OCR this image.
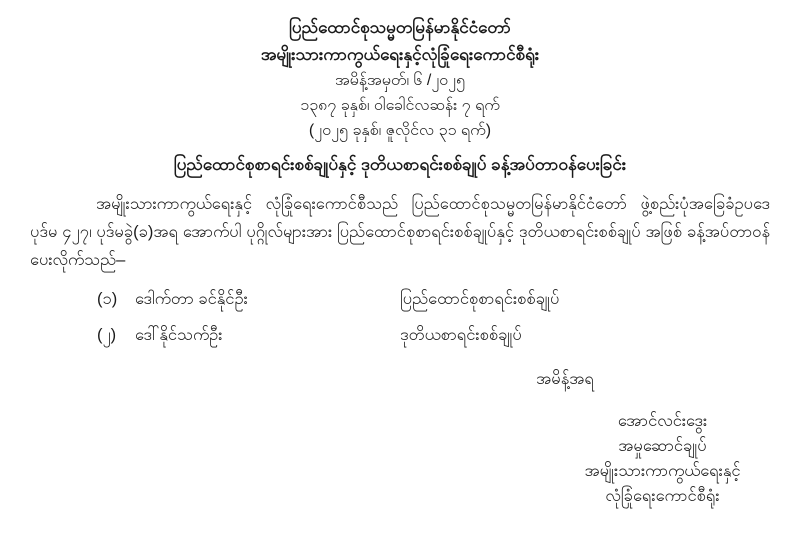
ပြည်ထောင်စုသမ္မတမြန်မာနိုင်ငံတော်
အမျိုးသားကာကွယ်ရေးနှင့်လုံခြုံရေးကောင်စီရုံး
အမိန့်အမှတ်၊ ၆ /၂၀၂၅
၁၃၈၇ ခုနှစ်၊ ဝါခေါင်လဆန်း ၇ ရက်
(၂၀၂၅ ခုနှစ်၊ ဇူလိုင်လ ၃၁ ရက်)
ပြည်ထောင်စုစာရင်းစစ်ချုပ်နှင့် ဒုတိယစာရင်းစစ်ချုပ် ခန့်အပ်တာဝန်ပေးခြင်း

အမျိုးသားကာကွယ်ရေးနှင့် လုံခြုံရေးကောင်စီသည် ပြည်ထောင်စုသမ္မတမြန်မာနိုင်ငံတော် ဖွဲ့စည်းပုံအခြေခံဥပဒေပုဒ်မ ၄၂၇၊ ပုဒ်မခွဲ(ခ)အရ အောက်ပါ ပုဂ္ဂိုလ်များအား ပြည်ထောင်စုစာရင်းစစ်ချုပ်နှင့် ဒုတိယစာရင်းစစ်ချုပ် အဖြစ် ခန့်အပ်တာဝန်ပေးလိုက်သည်–

(၁)	ဒေါက်တာ ခင်နိုင်ဦး	ပြည်ထောင်စုစာရင်းစစ်ချုပ်
(၂)	ဒေါ်နိုင်သက်ဦး	ဒုတိယစာရင်းစစ်ချုပ်
အမိန့်အရ
အောင်လင်းဒွေး
အမှုဆောင်ချုပ်
အမျိုးသားကာကွယ်ရေးနှင့်
လုံခြုံရေးကောင်စီရုံး
